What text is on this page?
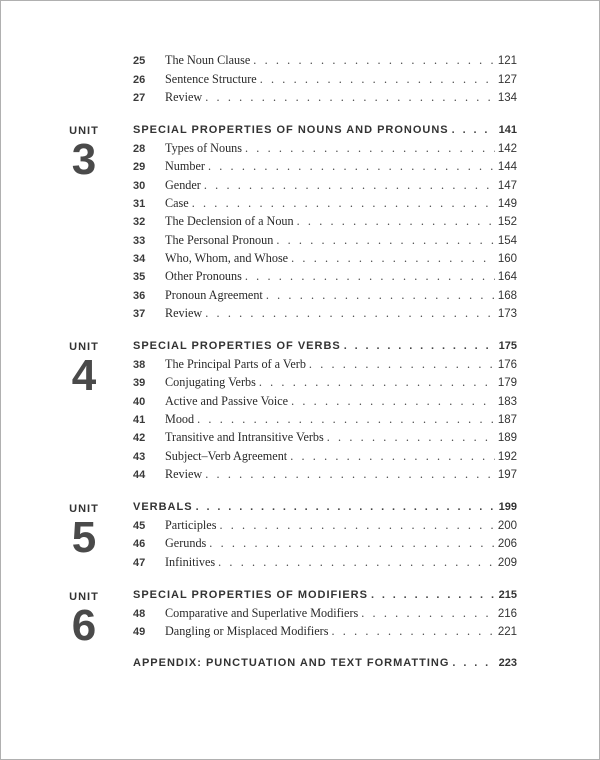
25	The Noun Clause . . .	121
26	Sentence Structure . . .	127
27	Review . . .	134
UNIT
3
SPECIAL PROPERTIES OF NOUNS AND PRONOUNS . . .	141
28	Types of Nouns . . .	142
29	Number . . .	144
30	Gender . . .	147
31	Case . . .	149
32	The Declension of a Noun . . .	152
33	The Personal Pronoun . . .	154
34	Who, Whom, and Whose . . .	160
35	Other Pronouns . . .	164
36	Pronoun Agreement . . .	168
37	Review . . .	173
UNIT
4
SPECIAL PROPERTIES OF VERBS . . .	175
38	The Principal Parts of a Verb . . .	176
39	Conjugating Verbs . . .	179
40	Active and Passive Voice . . .	183
41	Mood . . .	187
42	Transitive and Intransitive Verbs . . .	189
43	Subject–Verb Agreement . . .	192
44	Review . . .	197
UNIT
5
VERBALS . . .	199
45	Participles . . .	200
46	Gerunds . . .	206
47	Infinitives . . .	209
UNIT
6
SPECIAL PROPERTIES OF MODIFIERS . . .	215
48	Comparative and Superlative Modifiers . . .	216
49	Dangling or Misplaced Modifiers . . .	221
APPENDIX: PUNCTUATION AND TEXT FORMATTING . . .	223
